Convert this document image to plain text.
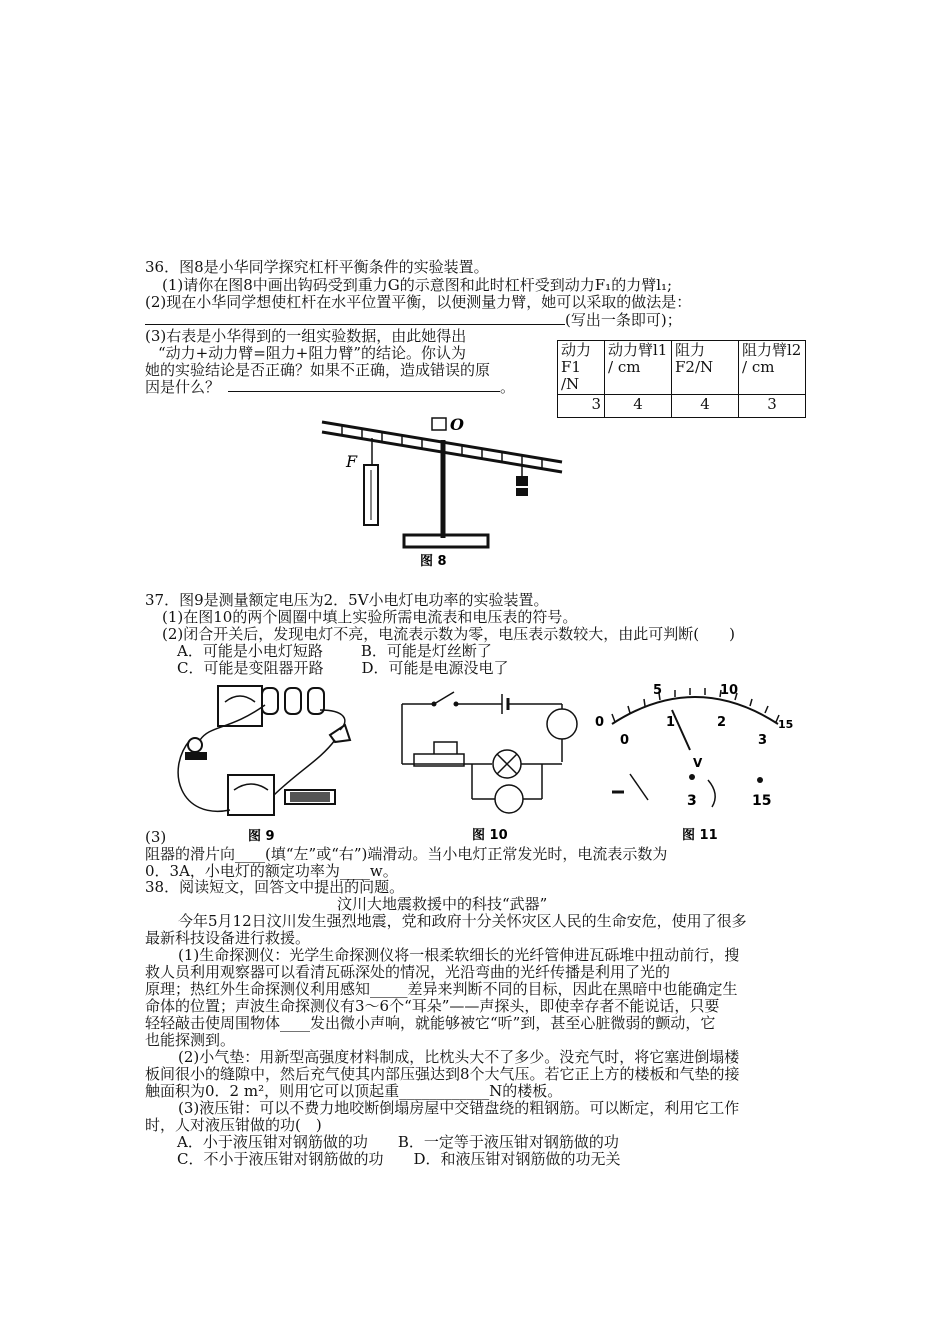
36．图8是小华同学探究杠杆平衡条件的实验装置。
(1)请你在图8中画出钩码受到重力G的示意图和此时杠杆受到动力F₁的力臂l₁;
(2)现在小华同学想使杠杆在水平位置平衡，以便测量力臂，她可以采取的做法是：
(写出一条即可)；
(3)右表是小华得到的一组实验数据，由此她得出
“动力+动力臂=阻力+阻力臂”的结论。你认为
她的实验结论是否正确？如果不正确，造成错误的原
因是什么？	。
动力F1 /N	动力臂l1 / cm	阻力F2/N	阻力臂l2 / cm
3	4	4	3
O
F
图 8
37．图9是测量额定电压为2．5V小电灯电功率的实验装置。
(1)在图10的两个圆圈中填上实验所需电流表和电压表的符号。
(2)闭合开关后，发现电灯不亮，电流表示数为零，电压表示数较大，由此可判断(　　)
A．可能是小电灯短路	B．可能是灯丝断了
C．可能是变阻器开路	D．可能是电源没电了
图 9	图 10
5	10
0	15
0
1	2
3
V
3	15
图 11
(3)
阻器的滑片向____(填“左”或“右”)端滑动。当小电灯正常发光时，电流表示数为
0．3A，小电灯的额定功率为____w。
38．阅读短文，回答文中提出的问题。
汶川大地震救援中的科技“武器”
今年5月12日汶川发生强烈地震，党和政府十分关怀灾区人民的生命安危，使用了很多
最新科技设备进行救援。
(1)生命探测仪：光学生命探测仪将一根柔软细长的光纤管伸进瓦砾堆中扭动前行，搜
救人员利用观察器可以看清瓦砾深处的情况，光沿弯曲的光纤传播是利用了光的
原理；热红外生命探测仪利用感知_____差异来判断不同的目标，因此在黑暗中也能确定生
命体的位置；声波生命探测仪有3～6个“耳朵”——声探头，即使幸存者不能说话，只要
轻轻敲击使周围物体____发出微小声响，就能够被它“听”到，甚至心脏微弱的颤动，它
也能探测到。
(2)小气垫：用新型高强度材料制成，比枕头大不了多少。没充气时，将它塞进倒塌楼
板间很小的缝隙中，然后充气使其内部压强达到8个大气压。若它正上方的楼板和气垫的接
触面积为0．2 m²，则用它可以顶起重____________N的楼板。
(3)液压钳：可以不费力地咬断倒塌房屋中交错盘绕的粗钢筋。可以断定，利用它工作
时，人对液压钳做的功(　)
A．小于液压钳对钢筋做的功 B．一定等于液压钳对钢筋做的功
C．不小于液压钳对钢筋做的功 D．和液压钳对钢筋做的功无关
